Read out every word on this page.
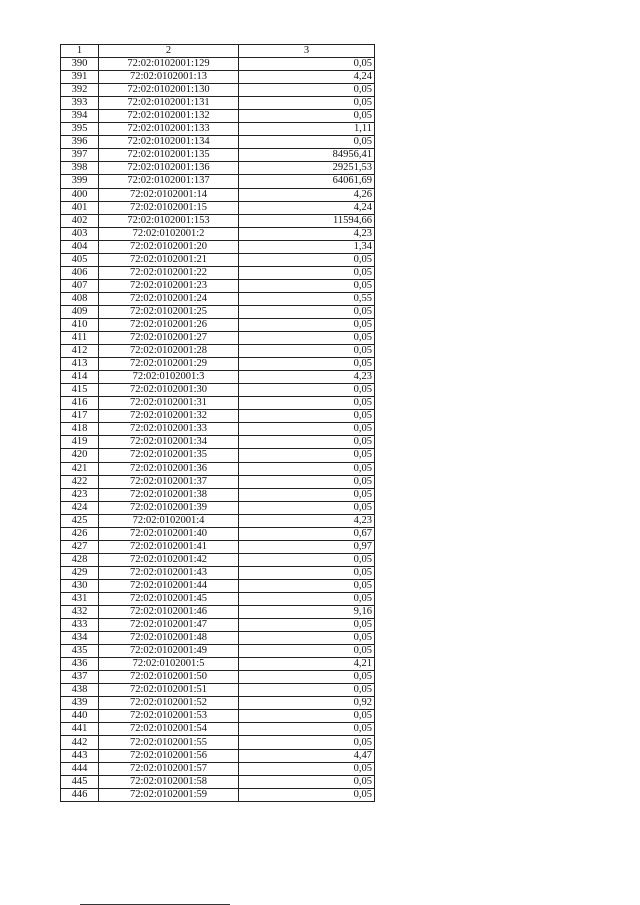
1	2	3
390	72:02:0102001:129	0,05
391	72:02:0102001:13	4,24
392	72:02:0102001:130	0,05
393	72:02:0102001:131	0,05
394	72:02:0102001:132	0,05
395	72:02:0102001:133	1,11
396	72:02:0102001:134	0,05
397	72:02:0102001:135	84956,41
398	72:02:0102001:136	29251,53
399	72:02:0102001:137	64061,69
400	72:02:0102001:14	4,26
401	72:02:0102001:15	4,24
402	72:02:0102001:153	11594,66
403	72:02:0102001:2	4,23
404	72:02:0102001:20	1,34
405	72:02:0102001:21	0,05
406	72:02:0102001:22	0,05
407	72:02:0102001:23	0,05
408	72:02:0102001:24	0,55
409	72:02:0102001:25	0,05
410	72:02:0102001:26	0,05
411	72:02:0102001:27	0,05
412	72:02:0102001:28	0,05
413	72:02:0102001:29	0,05
414	72:02:0102001:3	4,23
415	72:02:0102001:30	0,05
416	72:02:0102001:31	0,05
417	72:02:0102001:32	0,05
418	72:02:0102001:33	0,05
419	72:02:0102001:34	0,05
420	72:02:0102001:35	0,05
421	72:02:0102001:36	0,05
422	72:02:0102001:37	0,05
423	72:02:0102001:38	0,05
424	72:02:0102001:39	0,05
425	72:02:0102001:4	4,23
426	72:02:0102001:40	0,67
427	72:02:0102001:41	0,97
428	72:02:0102001:42	0,05
429	72:02:0102001:43	0,05
430	72:02:0102001:44	0,05
431	72:02:0102001:45	0,05
432	72:02:0102001:46	9,16
433	72:02:0102001:47	0,05
434	72:02:0102001:48	0,05
435	72:02:0102001:49	0,05
436	72:02:0102001:5	4,21
437	72:02:0102001:50	0,05
438	72:02:0102001:51	0,05
439	72:02:0102001:52	0,92
440	72:02:0102001:53	0,05
441	72:02:0102001:54	0,05
442	72:02:0102001:55	0,05
443	72:02:0102001:56	4,47
444	72:02:0102001:57	0,05
445	72:02:0102001:58	0,05
446	72:02:0102001:59	0,05
